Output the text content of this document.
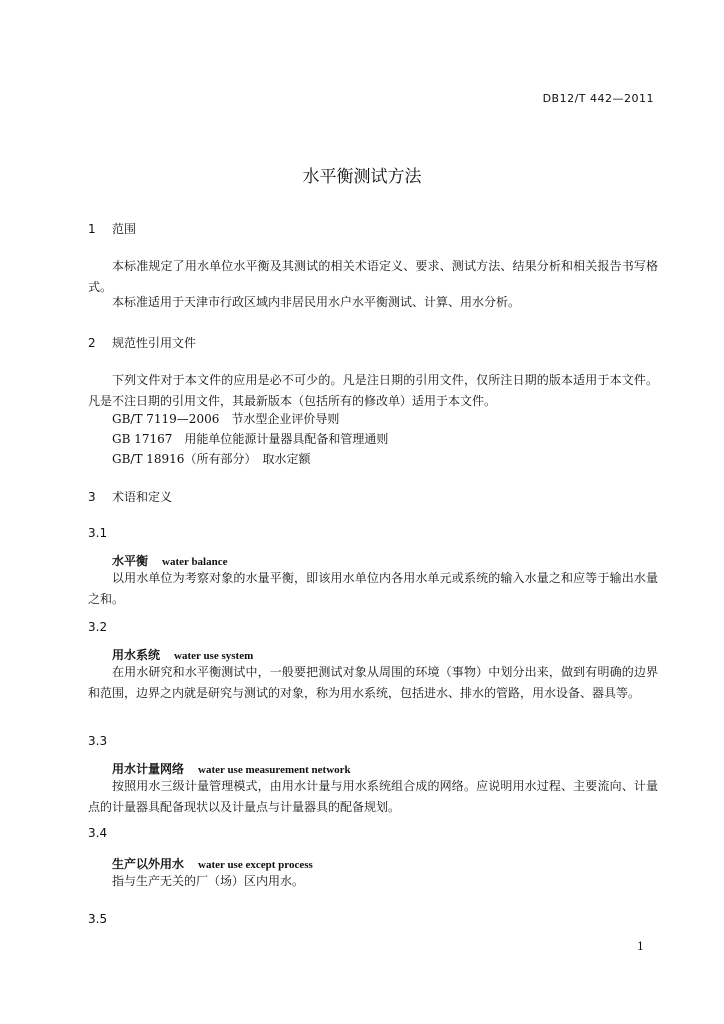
DB12/T 442—2011
水平衡测试方法
1 范围
本标准规定了用水单位水平衡及其测试的相关术语定义、要求、测试方法、结果分析和相关报告书写格式。
本标准适用于天津市行政区域内非居民用水户水平衡测试、计算、用水分析。
2 规范性引用文件
下列文件对于本文件的应用是必不可少的。凡是注日期的引用文件，仅所注日期的版本适用于本文件。凡是不注日期的引用文件，其最新版本（包括所有的修改单）适用于本文件。
GB/T 7119—2006　节水型企业评价导则
GB 17167　用能单位能源计量器具配备和管理通则
GB/T 18916（所有部分）　取水定额
3 术语和定义
3.1
水平衡 water balance
以用水单位为考察对象的水量平衡，即该用水单位内各用水单元或系统的输入水量之和应等于输出水量之和。
3.2
用水系统 water use system
在用水研究和水平衡测试中，一般要把测试对象从周围的环境（事物）中划分出来，做到有明确的边界和范围，边界之内就是研究与测试的对象，称为用水系统，包括进水、排水的管路，用水设备、器具等。
3.3
用水计量网络 water use measurement network
按照用水三级计量管理模式，由用水计量与用水系统组合成的网络。应说明用水过程、主要流向、计量点的计量器具配备现状以及计量点与计量器具的配备规划。
3.4
生产以外用水 water use except process
指与生产无关的厂（场）区内用水。
3.5
1
